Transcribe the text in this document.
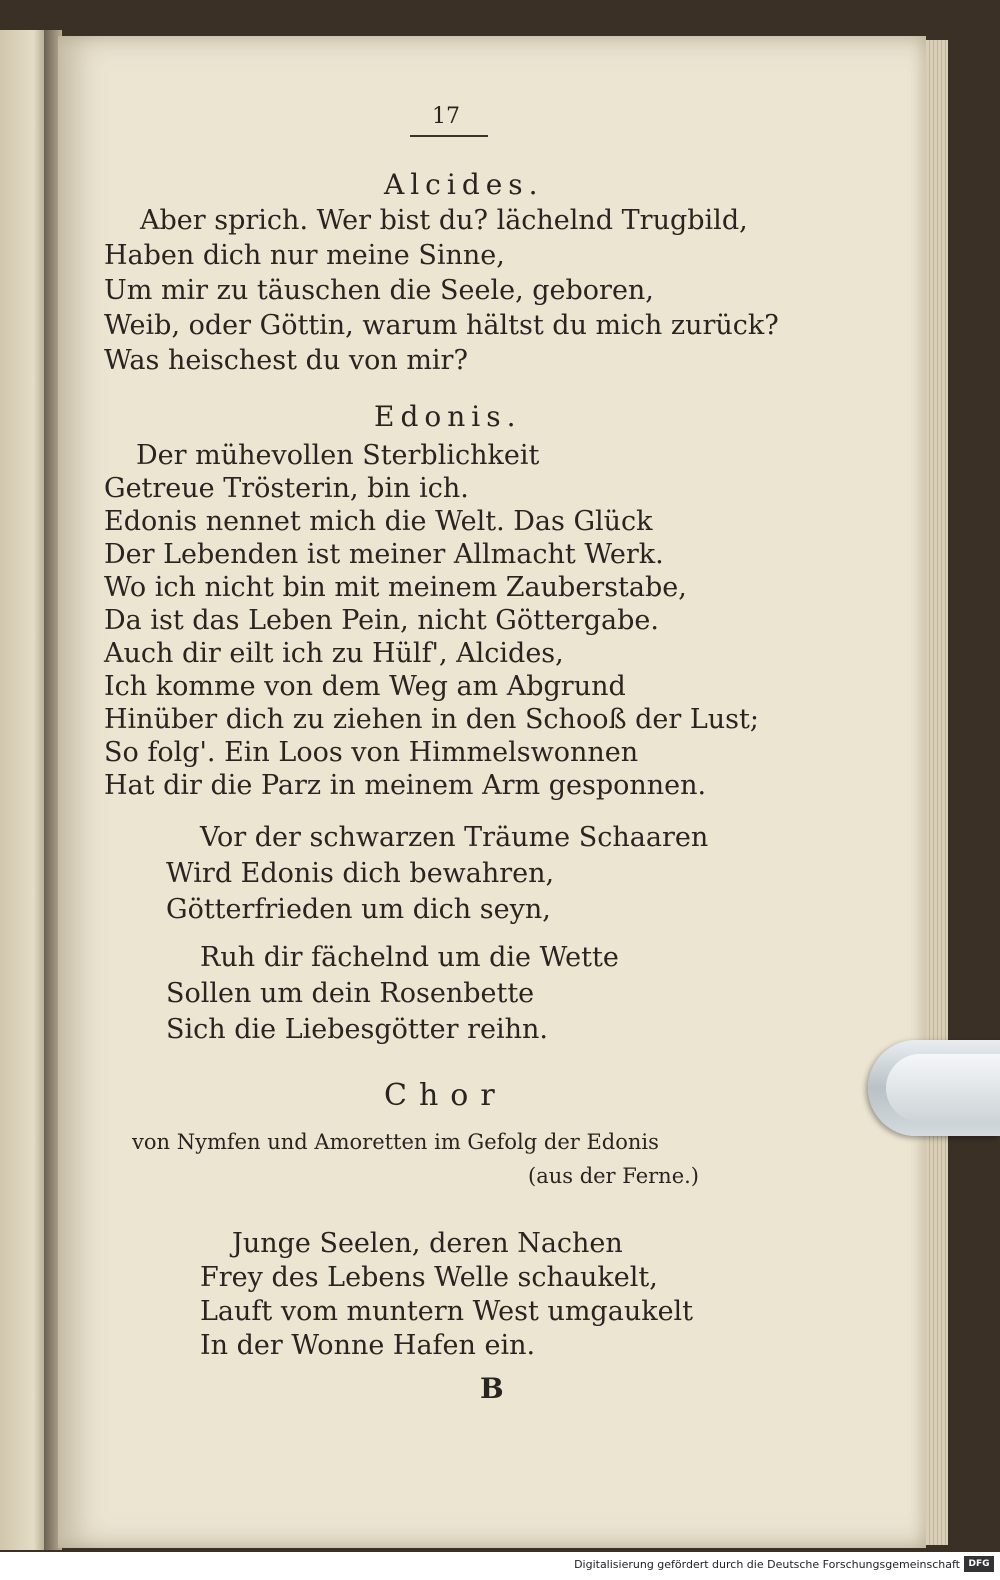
17
Alcides.
Aber sprich. Wer bist du? lächelnd Trugbild,
Haben dich nur meine Sinne,
Um mir zu täuschen die Seele, geboren,
Weib, oder Göttin, warum hältst du mich zurück?
Was heischest du von mir?
Edonis.
Der mühevollen Sterblichkeit
Getreue Trösterin, bin ich.
Edonis nennet mich die Welt. Das Glück
Der Lebenden ist meiner Allmacht Werk.
Wo ich nicht bin mit meinem Zauberstabe,
Da ist das Leben Pein, nicht Göttergabe.
Auch dir eilt ich zu Hülf', Alcides,
Ich komme von dem Weg am Abgrund
Hinüber dich zu ziehen in den Schooß der Lust;
So folg'. Ein Loos von Himmelswonnen
Hat dir die Parz in meinem Arm gesponnen.
Vor der schwarzen Träume Schaaren
Wird Edonis dich bewahren,
Götterfrieden um dich seyn,
Ruh dir fächelnd um die Wette
Sollen um dein Rosenbette
Sich die Liebesgötter reihn.
Chor
von Nymfen und Amoretten im Gefolg der Edonis
(aus der Ferne.)
Junge Seelen, deren Nachen
Frey des Lebens Welle schaukelt,
Lauft vom muntern West umgaukelt
In der Wonne Hafen ein.
B
Digitalisierung gefördert durch die Deutsche Forschungsgemeinschaft DFG
